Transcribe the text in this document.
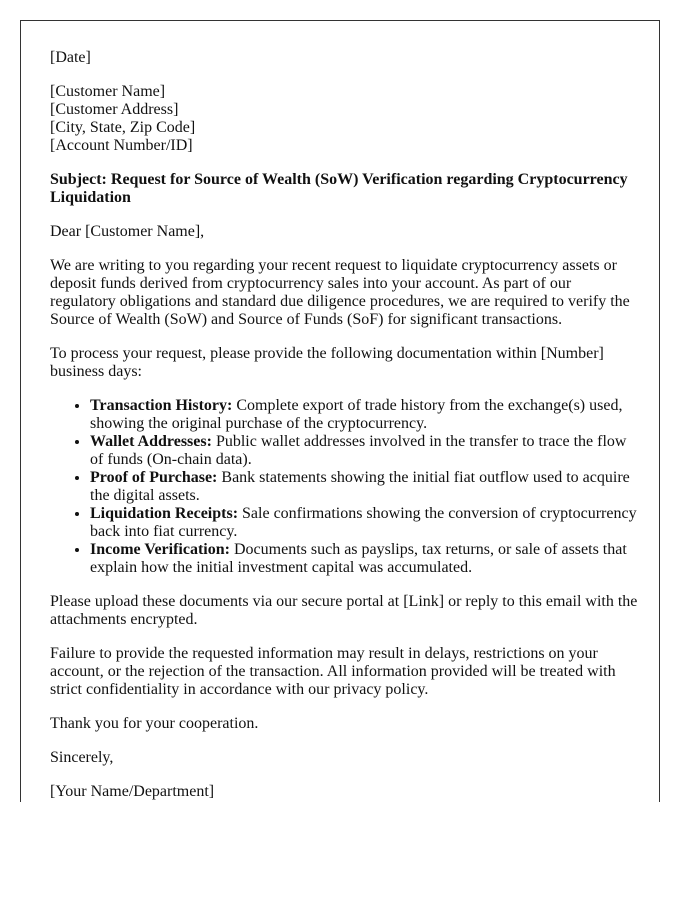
[Date]

[Customer Name]

[Customer Address]

[City, State, Zip Code]

[Account Number/ID]

Subject: Request for Source of Wealth (SoW) Verification regarding Cryptocurrency Liquidation

Dear [Customer Name],

We are writing to you regarding your recent request to liquidate cryptocurrency assets or deposit funds derived from cryptocurrency sales into your account. As part of our regulatory obligations and standard due diligence procedures, we are required to verify the Source of Wealth (SoW) and Source of Funds (SoF) for significant transactions.

To process your request, please provide the following documentation within [Number] business days:

• Transaction History: Complete export of trade history from the exchange(s) used, showing the original purchase of the cryptocurrency.
• Wallet Addresses: Public wallet addresses involved in the transfer to trace the flow of funds (On-chain data).
• Proof of Purchase: Bank statements showing the initial fiat outflow used to acquire the digital assets.
• Liquidation Receipts: Sale confirmations showing the conversion of cryptocurrency back into fiat currency.
• Income Verification: Documents such as payslips, tax returns, or sale of assets that explain how the initial investment capital was accumulated.

Please upload these documents via our secure portal at [Link] or reply to this email with the attachments encrypted.

Failure to provide the requested information may result in delays, restrictions on your account, or the rejection of the transaction. All information provided will be treated with strict confidentiality in accordance with our privacy policy.

Thank you for your cooperation.

Sincerely,

[Your Name/Department]
